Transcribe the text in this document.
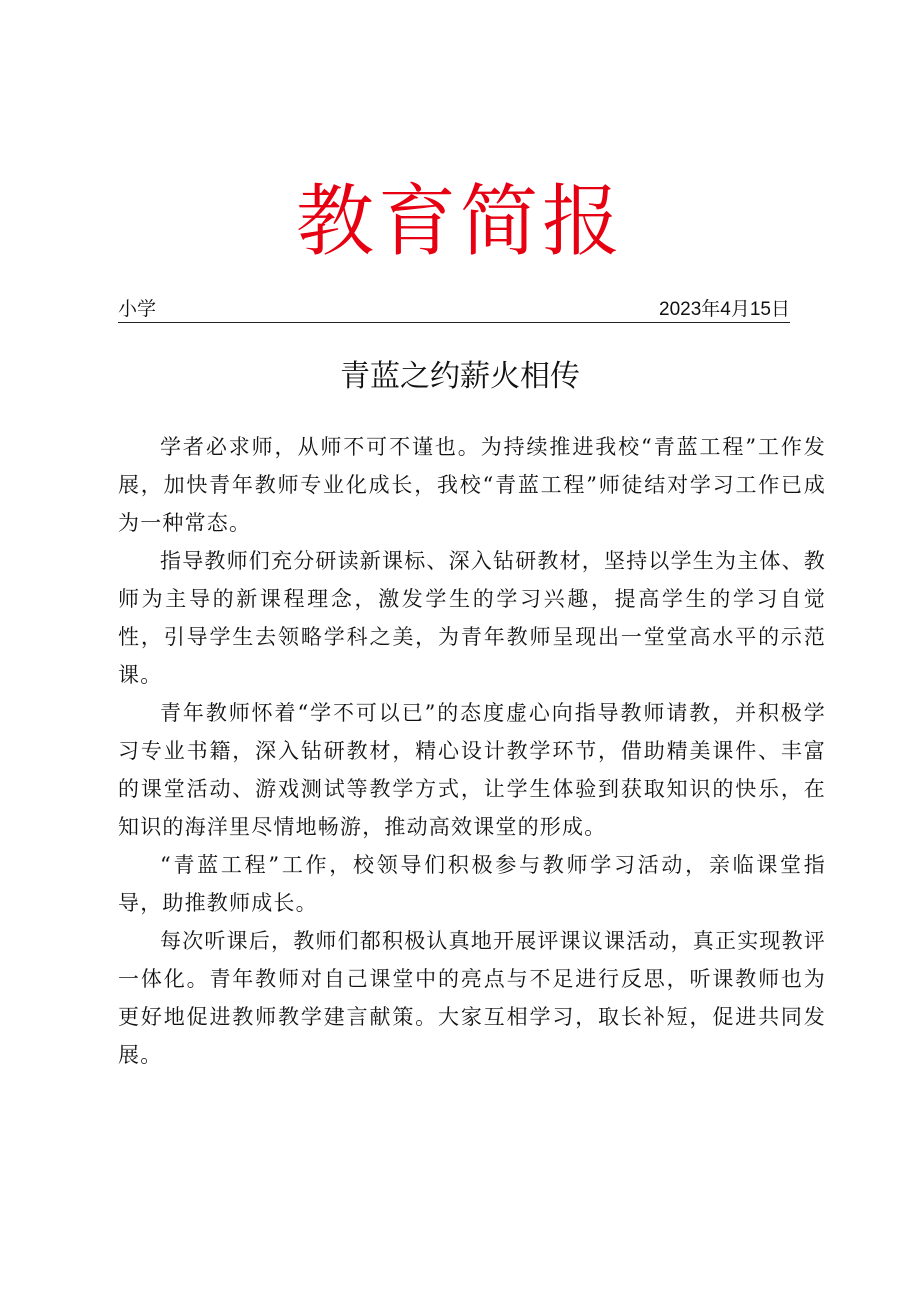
教育简报
小学	2023年4月15日
青蓝之约薪火相传

学者必求师，从师不可不谨也。为持续推进我校“青蓝工程”工作发展，加快青年教师专业化成长，我校“青蓝工程”师徒结对学习工作已成为一种常态。

指导教师们充分研读新课标、深入钻研教材，坚持以学生为主体、教师为主导的新课程理念，激发学生的学习兴趣，提高学生的学习自觉性，引导学生去领略学科之美，为青年教师呈现出一堂堂高水平的示范课。

青年教师怀着“学不可以已”的态度虚心向指导教师请教，并积极学习专业书籍，深入钻研教材，精心设计教学环节，借助精美课件、丰富的课堂活动、游戏测试等教学方式，让学生体验到获取知识的快乐，在知识的海洋里尽情地畅游，推动高效课堂的形成。

“青蓝工程”工作，校领导们积极参与教师学习活动，亲临课堂指导，助推教师成长。

每次听课后，教师们都积极认真地开展评课议课活动，真正实现教评一体化。青年教师对自己课堂中的亮点与不足进行反思，听课教师也为更好地促进教师教学建言献策。大家互相学习，取长补短，促进共同发展。
